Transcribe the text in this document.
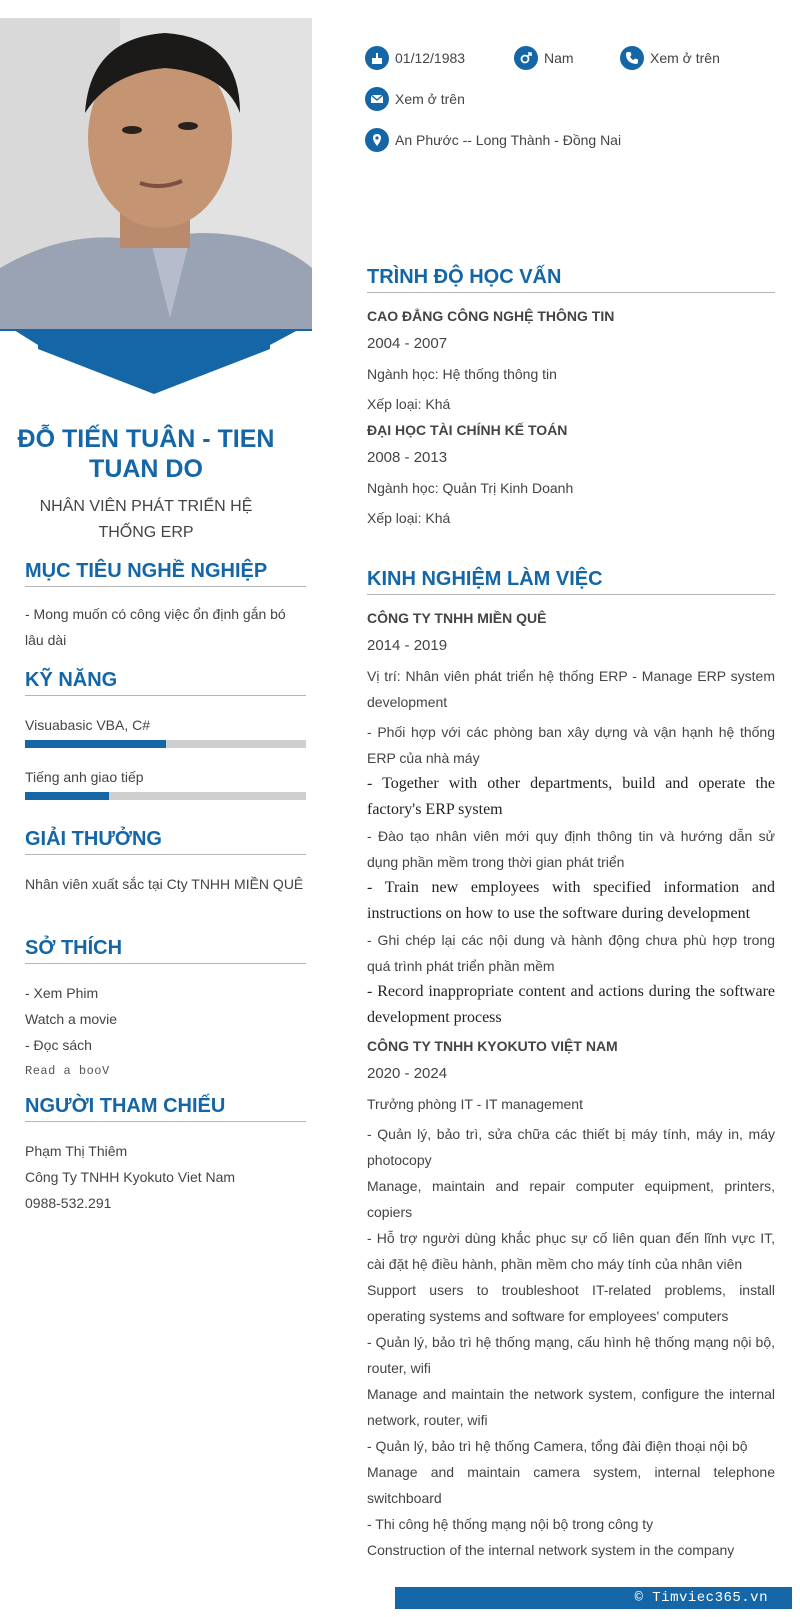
ĐỖ TIẾN TUÂN - TIEN TUAN DO
NHÂN VIÊN PHÁT TRIỂN HỆ THỐNG ERP
MỤC TIÊU NGHỀ NGHIỆP
- Mong muốn có công việc ổn định gắn bó lâu dài
KỸ NĂNG
Visuabasic VBA, C#
Tiếng anh giao tiếp
GIẢI THƯỞNG
Nhân viên xuất sắc tại Cty TNHH MIỀN QUÊ
SỞ THÍCH
- Xem Phim
Watch a movie
- Đọc sách
Read a booV
NGƯỜI THAM CHIẾU
Phạm Thị Thiêm
Công Ty TNHH Kyokuto Viet Nam
0988-532.291
01/12/1983	Nam	Xem ở trên
Xem ở trên
An Phước -- Long Thành - Đồng Nai
TRÌNH ĐỘ HỌC VẤN
CAO ĐẲNG CÔNG NGHỆ THÔNG TIN
2004 - 2007
Ngành học: Hệ thống thông tin
Xếp loại: Khá
ĐẠI HỌC TÀI CHÍNH KẾ TOÁN
2008 - 2013
Ngành học: Quản Trị Kinh Doanh
Xếp loại: Khá
KINH NGHIỆM LÀM VIỆC
CÔNG TY TNHH MIỀN QUÊ
2014 - 2019
Vị trí: Nhân viên phát triển hệ thống ERP - Manage ERP system development
- Phối hợp với các phòng ban xây dựng và vận hạnh hệ thống ERP của nhà máy
- Together with other departments, build and operate the factory's ERP system
- Đào tạo nhân viên mới quy định thông tin và hướng dẫn sử dụng phần mềm trong thời gian phát triển
- Train new employees with specified information and instructions on how to use the software during development
- Ghi chép lại các nội dung và hành động chưa phù hợp trong quá trình phát triển phần mềm
- Record inappropriate content and actions during the software development process
CÔNG TY TNHH KYOKUTO VIỆT NAM
2020 - 2024
Trưởng phòng IT - IT management
- Quản lý, bảo trì, sửa chữa các thiết bị máy tính, máy in, máy photocopy
Manage, maintain and repair computer equipment, printers, copiers
- Hỗ trợ người dùng khắc phục sự cố liên quan đến lĩnh vực IT, cài đặt hệ điều hành, phần mềm cho máy tính của nhân viên
Support users to troubleshoot IT-related problems, install operating systems and software for employees' computers
- Quản lý, bảo trì hệ thống mạng, cấu hình hệ thống mạng nội bộ, router, wifi
Manage and maintain the network system, configure the internal network, router, wifi
- Quản lý, bảo trì hệ thống Camera, tổng đài điện thoại nội bộ
Manage and maintain camera system, internal telephone switchboard
- Thi công hệ thống mạng nội bộ trong công ty
Construction of the internal network system in the company
© Timviec365.vn
